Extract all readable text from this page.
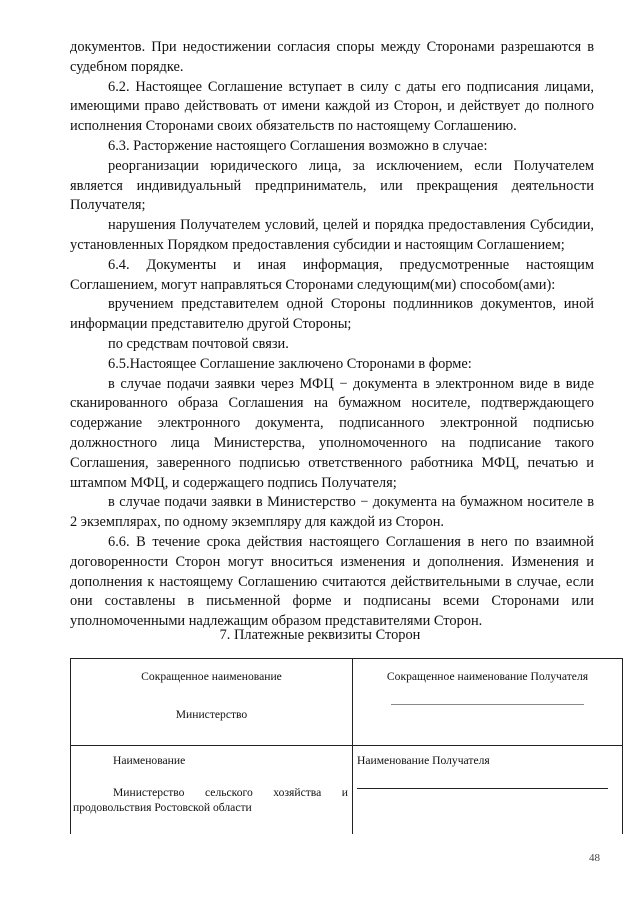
документов. При недостижении согласия споры между Сторонами разрешаются в судебном порядке.

6.2. Настоящее Соглашение вступает в силу с даты его подписания лицами, имеющими право действовать от имени каждой из Сторон, и действует до полного исполнения Сторонами своих обязательств по настоящему Соглашению.

6.3. Расторжение настоящего Соглашения возможно в случае:

реорганизации юридического лица, за исключением, если Получателем является индивидуальный предприниматель, или прекращения деятельности Получателя;

нарушения Получателем условий, целей и порядка предоставления Субсидии, установленных Порядком предоставления субсидии и настоящим Соглашением;

6.4. Документы и иная информация, предусмотренные настоящим Соглашением, могут направляться Сторонами следующим(ми) способом(ами):

вручением представителем одной Стороны подлинников документов, иной информации представителю другой Стороны;

по средствам почтовой связи.

6.5.Настоящее Соглашение заключено Сторонами в форме:

в случае подачи заявки через МФЦ − документа в электронном виде в виде сканированного образа Соглашения на бумажном носителе, подтверждающего содержание электронного документа, подписанного электронной подписью должностного лица Министерства, уполномоченного на подписание такого Соглашения, заверенного подписью ответственного работника МФЦ, печатью и штампом МФЦ, и содержащего подпись Получателя;

в случае подачи заявки в Министерство − документа на бумажном носителе в 2 экземплярах, по одному экземпляру для каждой из Сторон.

6.6. В течение срока действия настоящего Соглашения в него по взаимной договоренности Сторон могут вноситься изменения и дополнения. Изменения и дополнения к настоящему Соглашению считаются действительными в случае, если они составлены в письменной форме и подписаны всеми Сторонами или уполномоченными надлежащим образом представителями Сторон.

7. Платежные реквизиты Сторон
Сокращенное наименование
Министерство	Сокращенное наименование Получателя

Наименование
Министерство сельского хозяйства и продовольствия Ростовской области	Наименование Получателя
48
